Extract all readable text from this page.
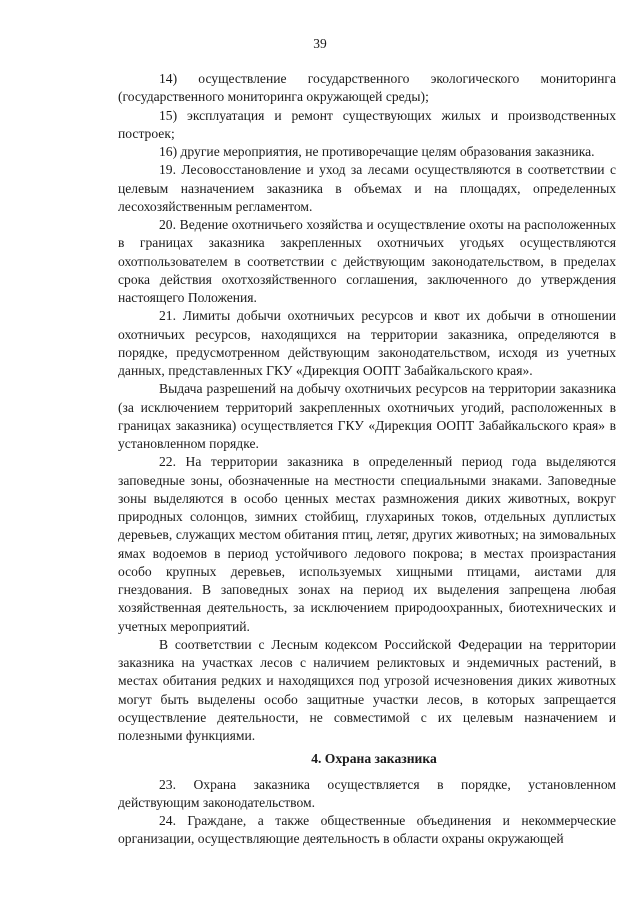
39

14) осуществление государственного экологического мониторинга (государственного мониторинга окружающей среды);

15) эксплуатация и ремонт существующих жилых и производственных построек;

16) другие мероприятия, не противоречащие целям образования заказника.

19. Лесовосстановление и уход за лесами осуществляются в соответствии с целевым назначением заказника в объемах и на площадях, определенных лесохозяйственным регламентом.

20. Ведение охотничьего хозяйства и осуществление охоты на расположенных в границах заказника закрепленных охотничьих угодьях осуществляются охотпользователем в соответствии с действующим законодательством, в пределах срока действия охотхозяйственного соглашения, заключенного до утверждения настоящего Положения.

21. Лимиты добычи охотничьих ресурсов и квот их добычи в отношении охотничьих ресурсов, находящихся на территории заказника, определяются в порядке, предусмотренном действующим законодательством, исходя из учетных данных, представленных ГКУ «Дирекция ООПТ Забайкальского края».

Выдача разрешений на добычу охотничьих ресурсов на территории заказника (за исключением территорий закрепленных охотничьих угодий, расположенных в границах заказника) осуществляется ГКУ «Дирекция ООПТ Забайкальского края» в установленном порядке.

22. На территории заказника в определенный период года выделяются заповедные зоны, обозначенные на местности специальными знаками. Заповедные зоны выделяются в особо ценных местах размножения диких животных, вокруг природных солонцов, зимних стойбищ, глухариных токов, отдельных дуплистых деревьев, служащих местом обитания птиц, летяг, других животных; на зимовальных ямах водоемов в период устойчивого ледового покрова; в местах произрастания особо крупных деревьев, используемых хищными птицами, аистами для гнездования. В заповедных зонах на период их выделения запрещена любая хозяйственная деятельность, за исключением природоохранных, биотехнических и учетных мероприятий.

В соответствии с Лесным кодексом Российской Федерации на территории заказника на участках лесов с наличием реликтовых и эндемичных растений, в местах обитания редких и находящихся под угрозой исчезновения диких животных могут быть выделены особо защитные участки лесов, в которых запрещается осуществление деятельности, не совместимой с их целевым назначением и полезными функциями.

4. Охрана заказника

23. Охрана заказника осуществляется в порядке, установленном действующим законодательством.

24. Граждане, а также общественные объединения и некоммерческие организации, осуществляющие деятельность в области охраны окружающей
